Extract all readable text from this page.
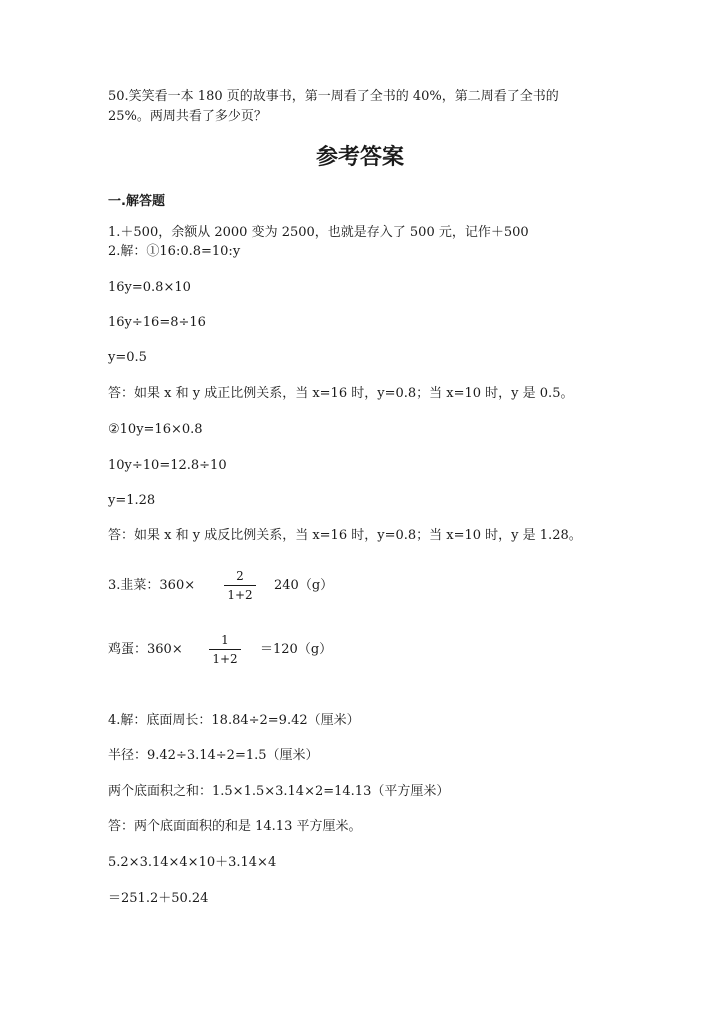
50.笑笑看一本 180 页的故事书，第一周看了全书的 40%，第二周看了全书的
25%。两周共看了多少页？
参考答案
一.解答题
1.＋500，余额从 2000 变为 2500，也就是存入了 500 元，记作＋500
2.解：①16:0.8=10:y
16y=0.8×10
16y÷16=8÷16
y=0.5
答：如果 x 和 y 成正比例关系，当 x=16 时，y=0.8；当 x=10 时，y 是 0.5。
②10y=16×0.8
10y÷10=12.8÷10
y=1.28
答：如果 x 和 y 成反比例关系，当 x=16 时，y=0.8；当 x=10 时，y 是 1.28。
3.韭菜：360×
2
1+2
240（g）
鸡蛋：360×
1
1+2
＝120（g）
4.解：底面周长：18.84÷2=9.42（厘米）
半径：9.42÷3.14÷2=1.5（厘米）
两个底面积之和：1.5×1.5×3.14×2=14.13（平方厘米）
答：两个底面面积的和是 14.13 平方厘米。
5.2×3.14×4×10＋3.14×4
＝251.2＋50.24
